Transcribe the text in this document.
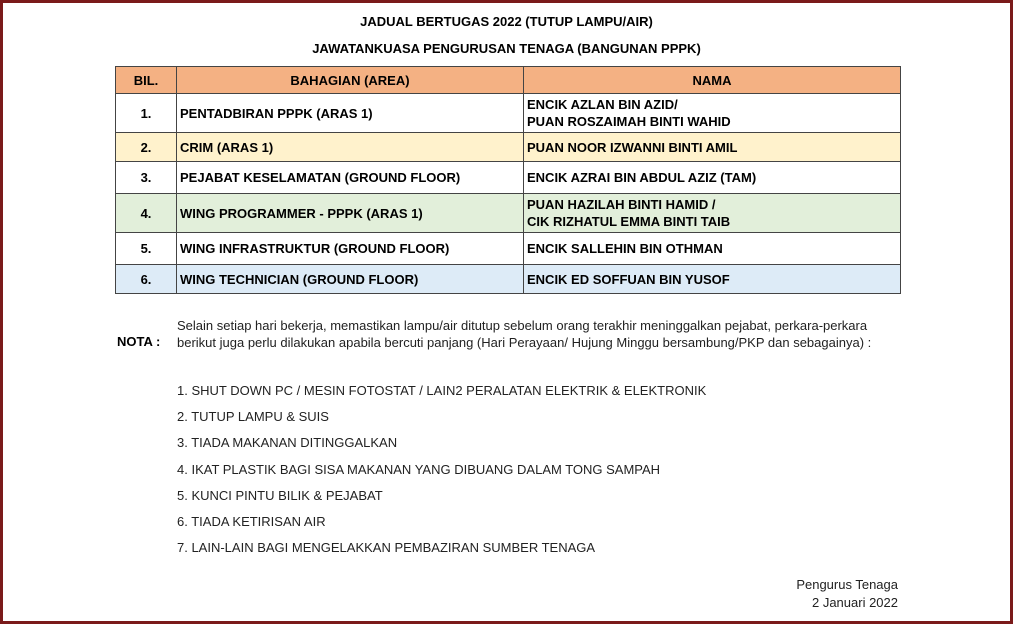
JADUAL BERTUGAS 2022 (TUTUP LAMPU/AIR)
JAWATANKUASA PENGURUSAN TENAGA (BANGUNAN PPPK)
BIL.	BAHAGIAN (AREA)	NAMA
1.	PENTADBIRAN PPPK (ARAS 1)	ENCIK AZLAN BIN AZID/
PUAN ROSZAIMAH BINTI WAHID

2.	CRIM (ARAS 1)	PUAN NOOR IZWANNI BINTI AMIL

3.	PEJABAT KESELAMATAN (GROUND FLOOR)	ENCIK AZRAI BIN ABDUL AZIZ (TAM)

4.	WING PROGRAMMER - PPPK (ARAS 1)	PUAN HAZILAH BINTI HAMID /
CIK RIZHATUL EMMA BINTI TAIB

5.	WING INFRASTRUKTUR (GROUND FLOOR)	ENCIK SALLEHIN BIN OTHMAN

6.	WING TECHNICIAN (GROUND FLOOR)	ENCIK ED SOFFUAN BIN YUSOF
NOTA :
Selain setiap hari bekerja, memastikan lampu/air ditutup sebelum orang terakhir meninggalkan pejabat, perkara-perkara berikut juga perlu dilakukan apabila bercuti panjang (Hari Perayaan/ Hujung Minggu bersambung/PKP dan sebagainya) :
1. SHUT DOWN PC / MESIN FOTOSTAT / LAIN2 PERALATAN ELEKTRIK & ELEKTRONIK
2. TUTUP LAMPU & SUIS
3. TIADA MAKANAN DITINGGALKAN
4. IKAT PLASTIK BAGI SISA MAKANAN YANG DIBUANG DALAM TONG SAMPAH
5. KUNCI PINTU BILIK & PEJABAT
6. TIADA KETIRISAN AIR
7. LAIN-LAIN BAGI MENGELAKKAN PEMBAZIRAN SUMBER TENAGA
Pengurus Tenaga
2 Januari 2022
